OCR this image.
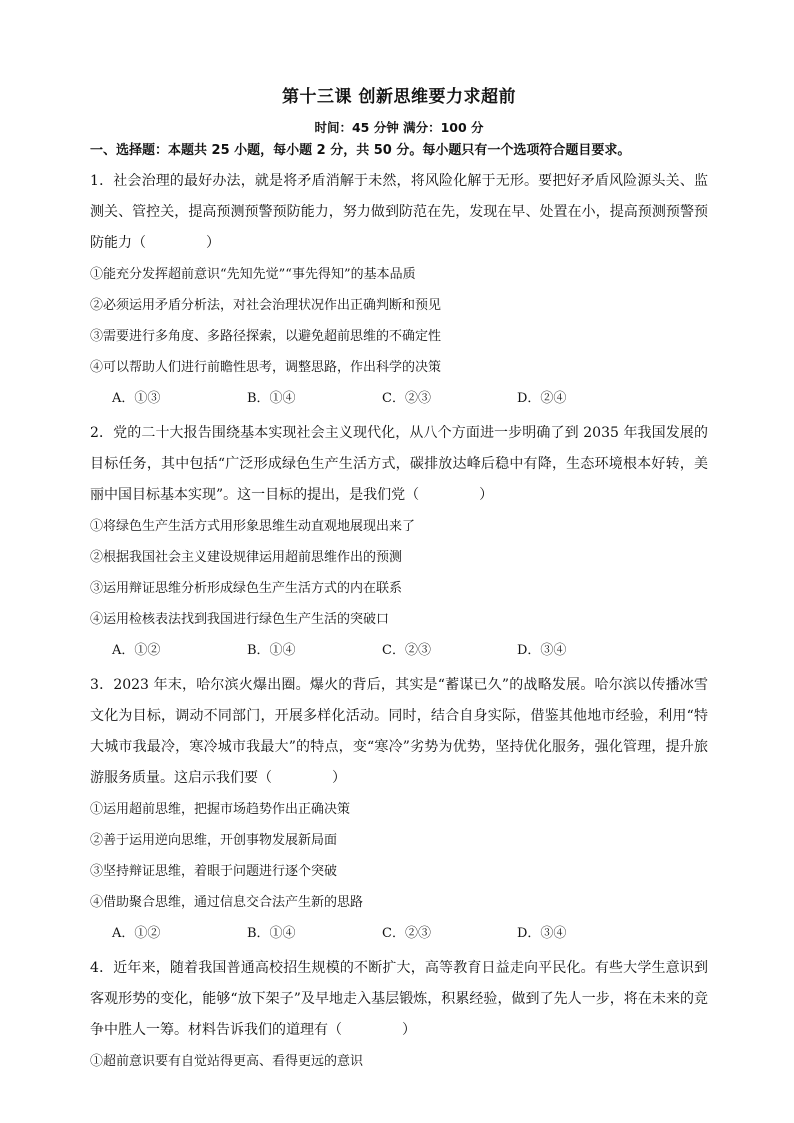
第十三课 创新思维要力求超前
时间：45 分钟 满分：100 分
一、选择题：本题共 25 小题，每小题 2 分，共 50 分。每小题只有一个选项符合题目要求。

1．社会治理的最好办法，就是将矛盾消解于未然，将风险化解于无形。要把好矛盾风险源头关、监测关、管控关，提高预测预警预防能力，努力做到防范在先，发现在早、处置在小，提高预测预警预防能力（	）

①能充分发挥超前意识“先知先觉”“事先得知”的基本品质
②必须运用矛盾分析法，对社会治理状况作出正确判断和预见
③需要进行多角度、多路径探索，以避免超前思维的不确定性
④可以帮助人们进行前瞻性思考，调整思路，作出科学的决策
A．①③	B．①④	C．②③	D．②④

2．党的二十大报告围绕基本实现社会主义现代化，从八个方面进一步明确了到 2035 年我国发展的目标任务，其中包括“广泛形成绿色生产生活方式，碳排放达峰后稳中有降，生态环境根本好转，美丽中国目标基本实现”。这一目标的提出，是我们党（	）

①将绿色生产生活方式用形象思维生动直观地展现出来了
②根据我国社会主义建设规律运用超前思维作出的预测
③运用辩证思维分析形成绿色生产生活方式的内在联系
④运用检核表法找到我国进行绿色生产生活的突破口
A．①②	B．①④	C．②③	D．③④

3．2023 年末，哈尔滨火爆出圈。爆火的背后，其实是“蓄谋已久”的战略发展。哈尔滨以传播冰雪文化为目标，调动不同部门，开展多样化活动。同时，结合自身实际，借鉴其他地市经验，利用“特大城市我最冷，寒冷城市我最大”的特点，变“寒冷”劣势为优势，坚持优化服务，强化管理，提升旅游服务质量。这启示我们要（	）

①运用超前思维，把握市场趋势作出正确决策
②善于运用逆向思维，开创事物发展新局面
③坚持辩证思维，着眼于问题进行逐个突破
④借助聚合思维，通过信息交合法产生新的思路
A．①②	B．①④	C．②③	D．③④

4．近年来，随着我国普通高校招生规模的不断扩大，高等教育日益走向平民化。有些大学生意识到客观形势的变化，能够“放下架子”及早地走入基层锻炼，积累经验，做到了先人一步，将在未来的竞争中胜人一筹。材料告诉我们的道理有（	）

①超前意识要有自觉站得更高、看得更远的意识
